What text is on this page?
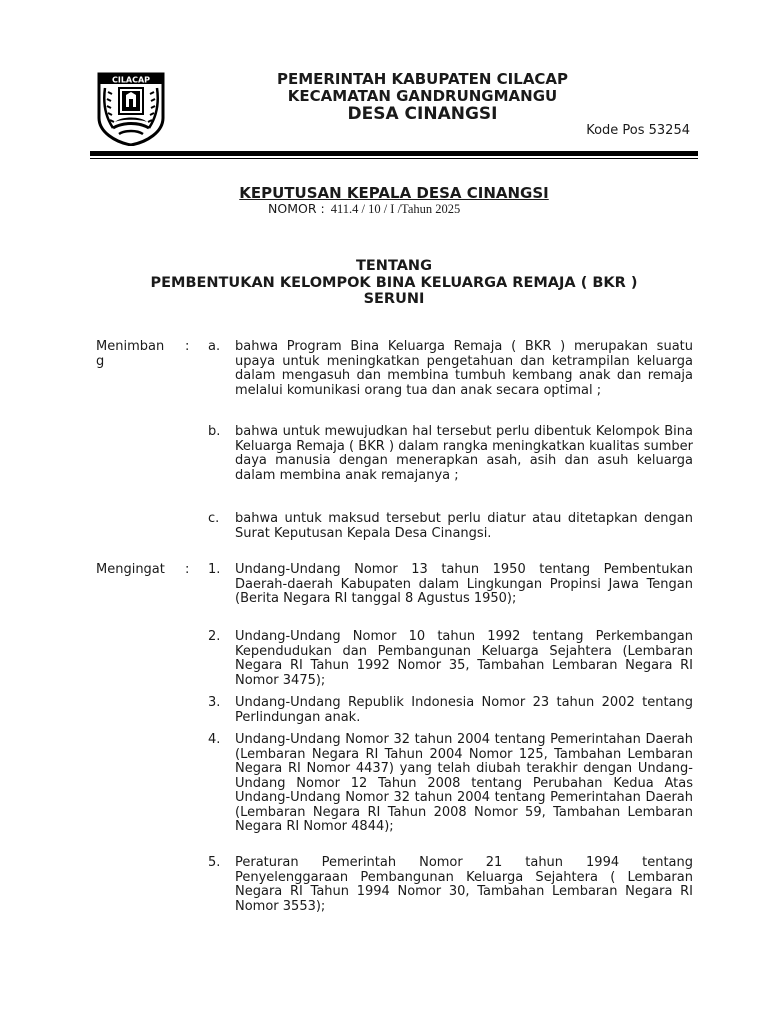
CILACAP	PEMERINTAH KABUPATEN CILACAP
KECAMATAN GANDRUNGMANGU
DESA CINANGSI
Kode Pos 53254
KEPUTUSAN KEPALA DESA CINANGSI
NOMOR : 411.4 / 10 / I /Tahun 2025
TENTANG
PEMBENTUKAN KELOMPOK BINA KELUARGA REMAJA ( BKR )
SERUNI
Menimbang
: a. bahwa Program Bina Keluarga Remaja ( BKR ) merupakan suatu upaya untuk meningkatkan pengetahuan dan ketrampilan keluarga dalam mengasuh dan membina tumbuh kembang anak dan remaja melalui komunikasi orang tua dan anak secara optimal ;
b. bahwa untuk mewujudkan hal tersebut perlu dibentuk Kelompok Bina Keluarga Remaja ( BKR ) dalam rangka meningkatkan kualitas sumber daya manusia dengan menerapkan asah, asih dan asuh keluarga dalam membina anak remajanya ;
c. bahwa untuk maksud tersebut perlu diatur atau ditetapkan dengan Surat Keputusan Kepala Desa Cinangsi.
Mengingat	: 1. Undang-Undang Nomor 13 tahun 1950 tentang Pembentukan Daerah-daerah Kabupaten dalam Lingkungan Propinsi Jawa Tengan (Berita Negara RI tanggal 8 Agustus 1950);
2. Undang-Undang Nomor 10 tahun 1992 tentang Perkembangan Kependudukan dan Pembangunan Keluarga Sejahtera (Lembaran Negara RI Tahun 1992 Nomor 35, Tambahan Lembaran Negara RI Nomor 3475);
3. Undang-Undang Republik Indonesia Nomor 23 tahun 2002 tentang Perlindungan anak.
4. Undang-Undang Nomor 32 tahun 2004 tentang Pemerintahan Daerah (Lembaran Negara RI Tahun 2004 Nomor 125, Tambahan Lembaran Negara RI Nomor 4437) yang telah diubah terakhir dengan Undang-Undang Nomor 12 Tahun 2008 tentang Perubahan Kedua Atas Undang-Undang Nomor 32 tahun 2004 tentang Pemerintahan Daerah (Lembaran Negara RI Tahun 2008 Nomor 59, Tambahan Lembaran Negara RI Nomor 4844);
5. Peraturan Pemerintah Nomor 21 tahun 1994 tentang Penyelenggaraan Pembangunan Keluarga Sejahtera ( Lembaran Negara RI Tahun 1994 Nomor 30, Tambahan Lembaran Negara RI Nomor 3553);
